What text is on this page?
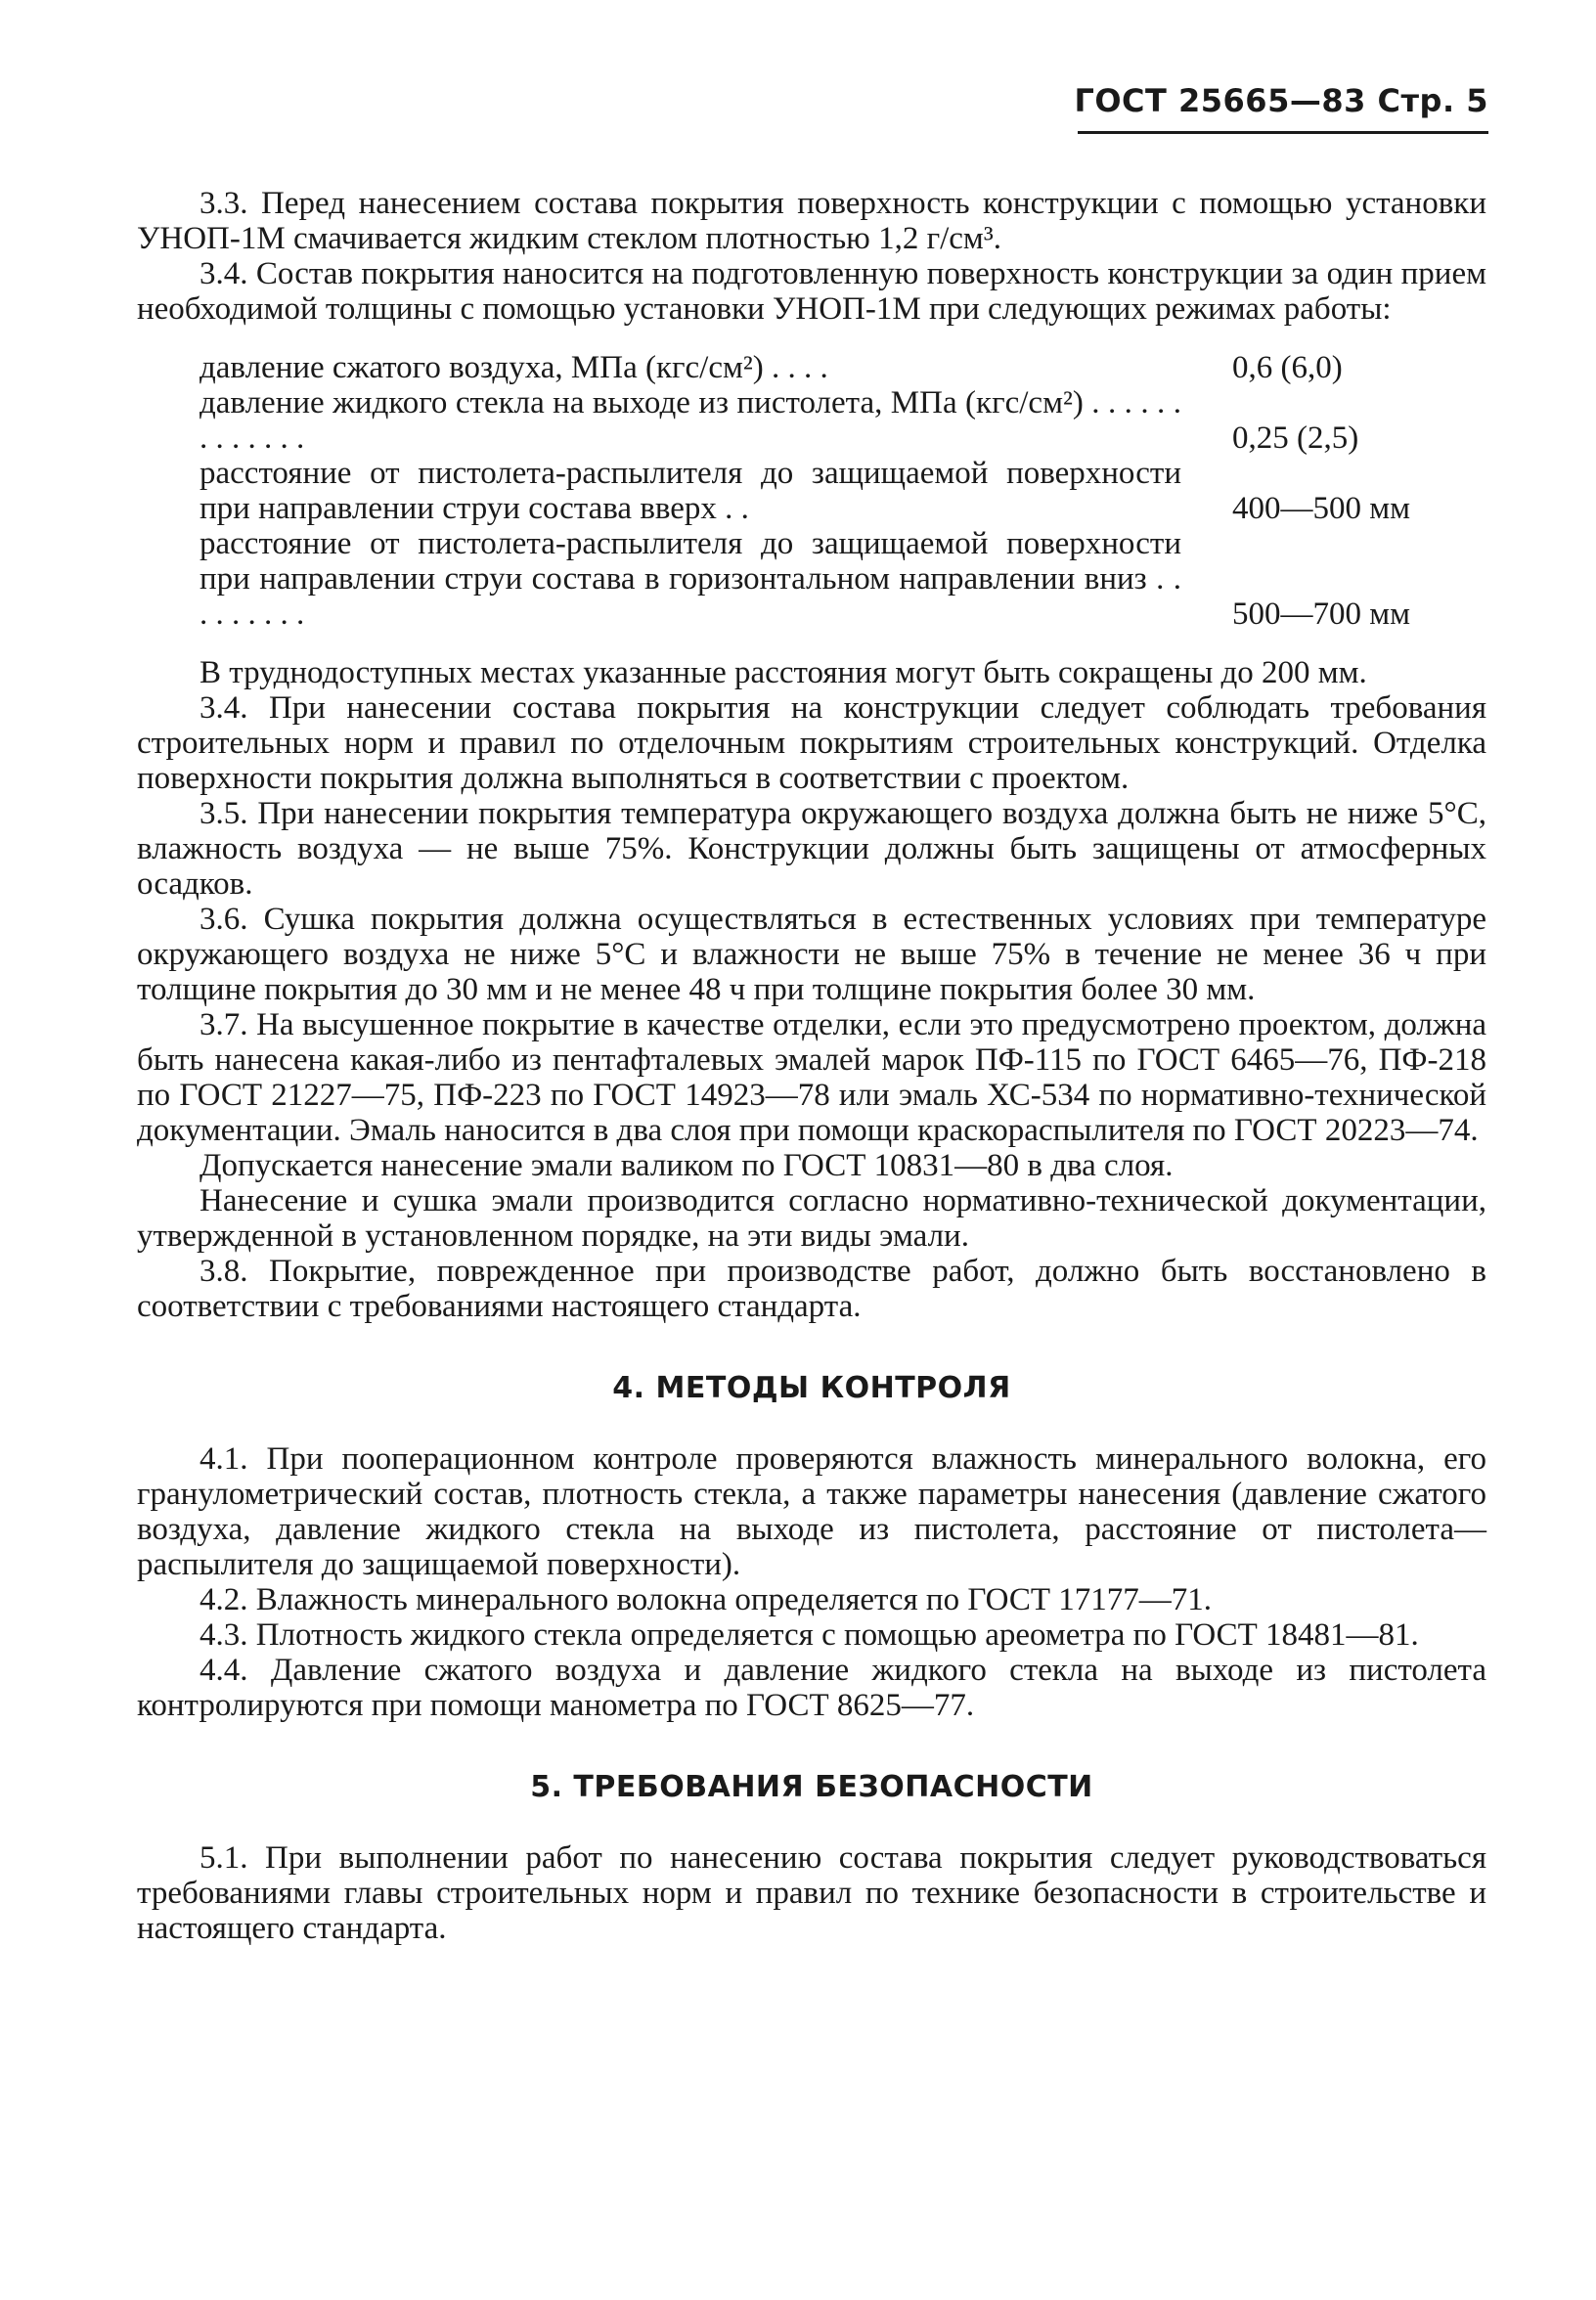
ГОСТ 25665—83 Стр. 5

3.3. Перед нанесением состава покрытия поверхность конструкции с помощью установки УНОП-1М смачивается жидким стеклом плотностью 1,2 г/см³.

3.4. Состав покрытия наносится на подготовленную поверхность конструкции за один прием необходимой толщины с помощью установки УНОП-1М при следующих режимах работы:

давление сжатого воздуха, МПа (кгс/см²) . . . .	0,6 (6,0)
давление жидкого стекла на выходе из пистолета, МПа (кгс/см²) . . . . . . . . . . . . .	0,25 (2,5)
расстояние от пистолета-распылителя до защищаемой поверхности при направлении струи состава вверх . .	400—500 мм
расстояние от пистолета-распылителя до защищаемой поверхности при направлении струи состава в горизонтальном направлении вниз . . . . . . . . .	500—700 мм

В труднодоступных местах указанные расстояния могут быть сокращены до 200 мм.

3.4. При нанесении состава покрытия на конструкции следует соблюдать требования строительных норм и правил по отделочным покрытиям строительных конструкций. Отделка поверхности покрытия должна выполняться в соответствии с проектом.

3.5. При нанесении покрытия температура окружающего воздуха должна быть не ниже 5°С, влажность воздуха — не выше 75%. Конструкции должны быть защищены от атмосферных осадков.

3.6. Сушка покрытия должна осуществляться в естественных условиях при температуре окружающего воздуха не ниже 5°С и влажности не выше 75% в течение не менее 36 ч при толщине покрытия до 30 мм и не менее 48 ч при толщине покрытия более 30 мм.

3.7. На высушенное покрытие в качестве отделки, если это предусмотрено проектом, должна быть нанесена какая-либо из пентафталевых эмалей марок ПФ-115 по ГОСТ 6465—76, ПФ-218 по ГОСТ 21227—75, ПФ-223 по ГОСТ 14923—78 или эмаль ХС-534 по нормативно-технической документации. Эмаль наносится в два слоя при помощи краскораспылителя по ГОСТ 20223—74.

Допускается нанесение эмали валиком по ГОСТ 10831—80 в два слоя.

Нанесение и сушка эмали производится согласно нормативно-технической документации, утвержденной в установленном порядке, на эти виды эмали.

3.8. Покрытие, поврежденное при производстве работ, должно быть восстановлено в соответствии с требованиями настоящего стандарта.

4. МЕТОДЫ КОНТРОЛЯ

4.1. При пооперационном контроле проверяются влажность минерального волокна, его гранулометрический состав, плотность стекла, а также параметры нанесения (давление сжатого воздуха, давление жидкого стекла на выходе из пистолета, расстояние от пистолета—распылителя до защищаемой поверхности).

4.2. Влажность минерального волокна определяется по ГОСТ 17177—71.

4.3. Плотность жидкого стекла определяется с помощью ареометра по ГОСТ 18481—81.

4.4. Давление сжатого воздуха и давление жидкого стекла на выходе из пистолета контролируются при помощи манометра по ГОСТ 8625—77.

5. ТРЕБОВАНИЯ БЕЗОПАСНОСТИ

5.1. При выполнении работ по нанесению состава покрытия следует руководствоваться требованиями главы строительных норм и правил по технике безопасности в строительстве и настоящего стандарта.
